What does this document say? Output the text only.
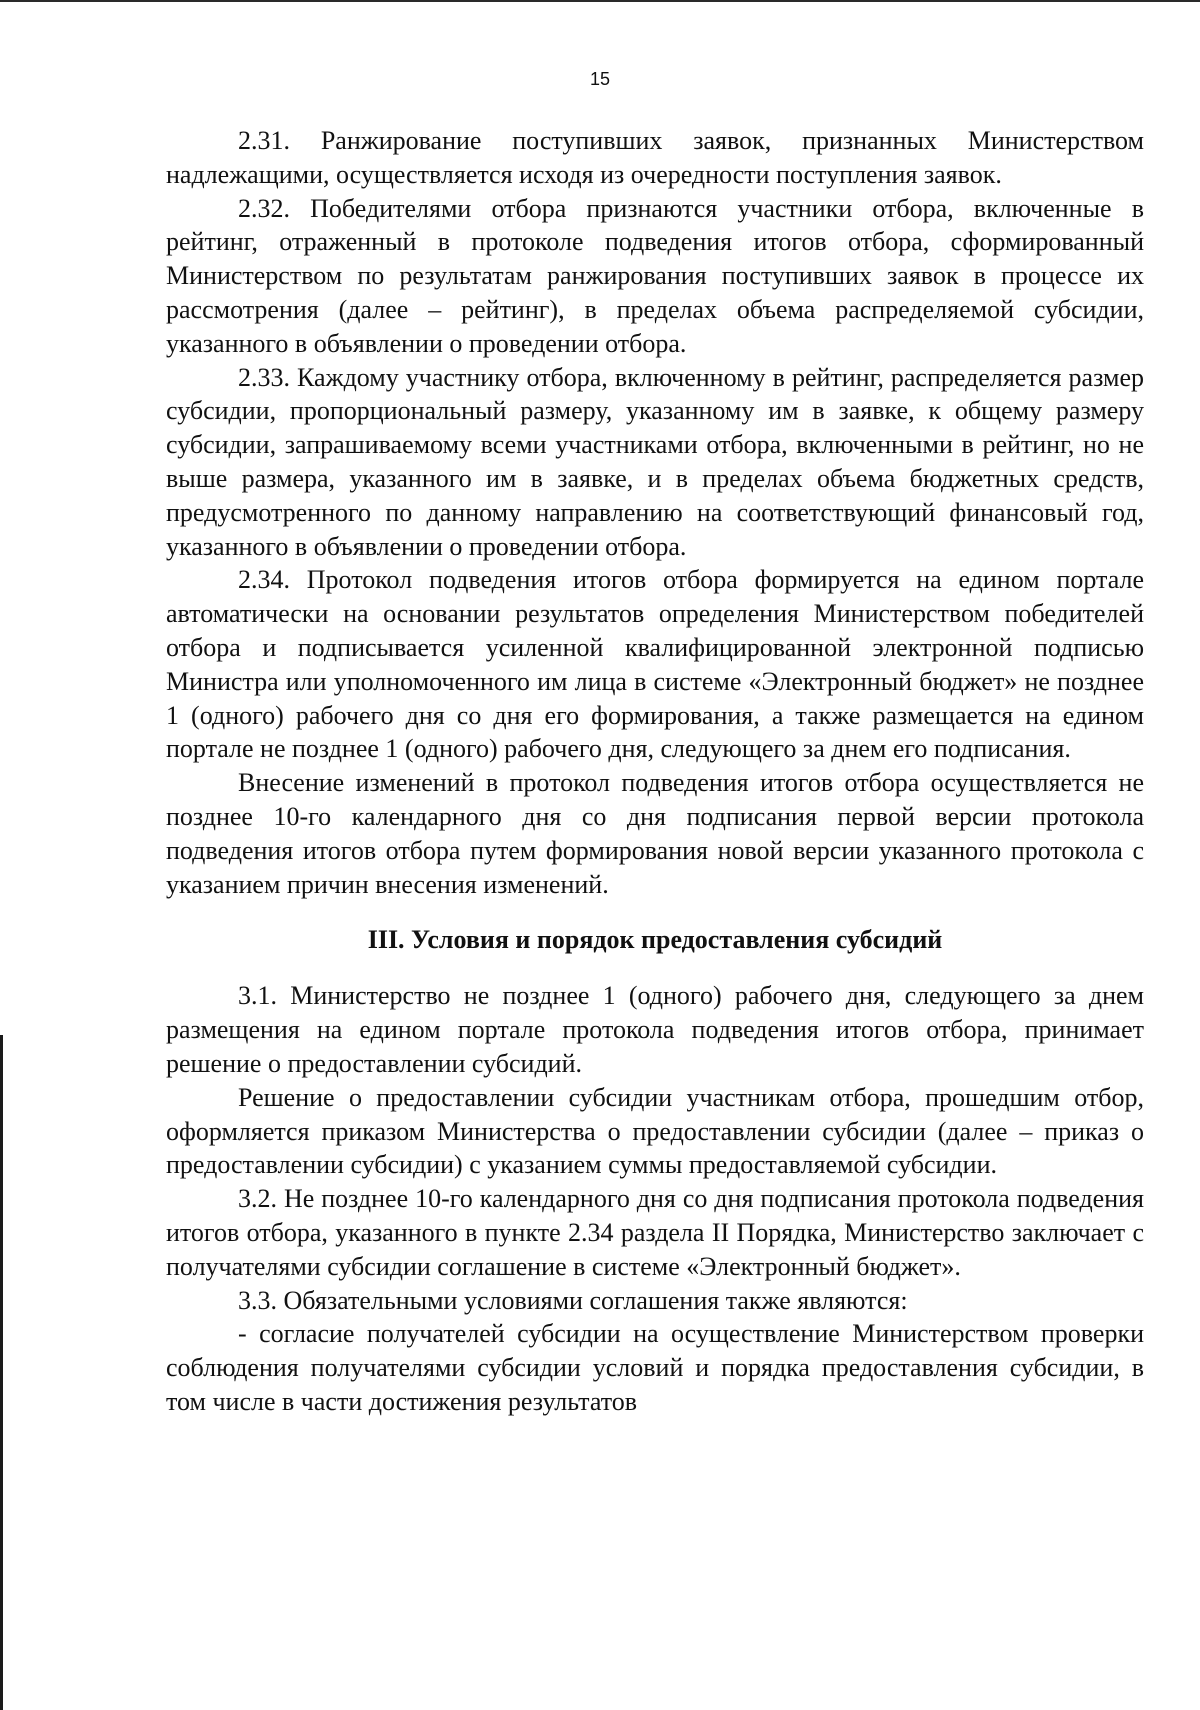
15

2.31. Ранжирование поступивших заявок, признанных Министерством надлежащими, осуществляется исходя из очередности поступления заявок.

2.32. Победителями отбора признаются участники отбора, включенные в рейтинг, отраженный в протоколе подведения итогов отбора, сформированный Министерством по результатам ранжирования поступивших заявок в процессе их рассмотрения (далее – рейтинг), в пределах объема распределяемой субсидии, указанного в объявлении о проведении отбора.

2.33. Каждому участнику отбора, включенному в рейтинг, распределяется размер субсидии, пропорциональный размеру, указанному им в заявке, к общему размеру субсидии, запрашиваемому всеми участниками отбора, включенными в рейтинг, но не выше размера, указанного им в заявке, и в пределах объема бюджетных средств, предусмотренного по данному направлению на соответствующий финансовый год, указанного в объявлении о проведении отбора.

2.34. Протокол подведения итогов отбора формируется на едином портале автоматически на основании результатов определения Министерством победителей отбора и подписывается усиленной квалифицированной электронной подписью Министра или уполномоченного им лица в системе «Электронный бюджет» не позднее 1 (одного) рабочего дня со дня его формирования, а также размещается на едином портале не позднее 1 (одного) рабочего дня, следующего за днем его подписания.

Внесение изменений в протокол подведения итогов отбора осуществляется не позднее 10-го календарного дня со дня подписания первой версии протокола подведения итогов отбора путем формирования новой версии указанного протокола с указанием причин внесения изменений.

III. Условия и порядок предоставления субсидий

3.1. Министерство не позднее 1 (одного) рабочего дня, следующего за днем размещения на едином портале протокола подведения итогов отбора, принимает решение о предоставлении субсидий.

Решение о предоставлении субсидии участникам отбора, прошедшим отбор, оформляется приказом Министерства о предоставлении субсидии (далее – приказ о предоставлении субсидии) с указанием суммы предоставляемой субсидии.

3.2. Не позднее 10-го календарного дня со дня подписания протокола подведения итогов отбора, указанного в пункте 2.34 раздела II Порядка, Министерство заключает с получателями субсидии соглашение в системе «Электронный бюджет».

3.3. Обязательными условиями соглашения также являются:

- согласие получателей субсидии на осуществление Министерством проверки соблюдения получателями субсидии условий и порядка предоставления субсидии, в том числе в части достижения результатов
